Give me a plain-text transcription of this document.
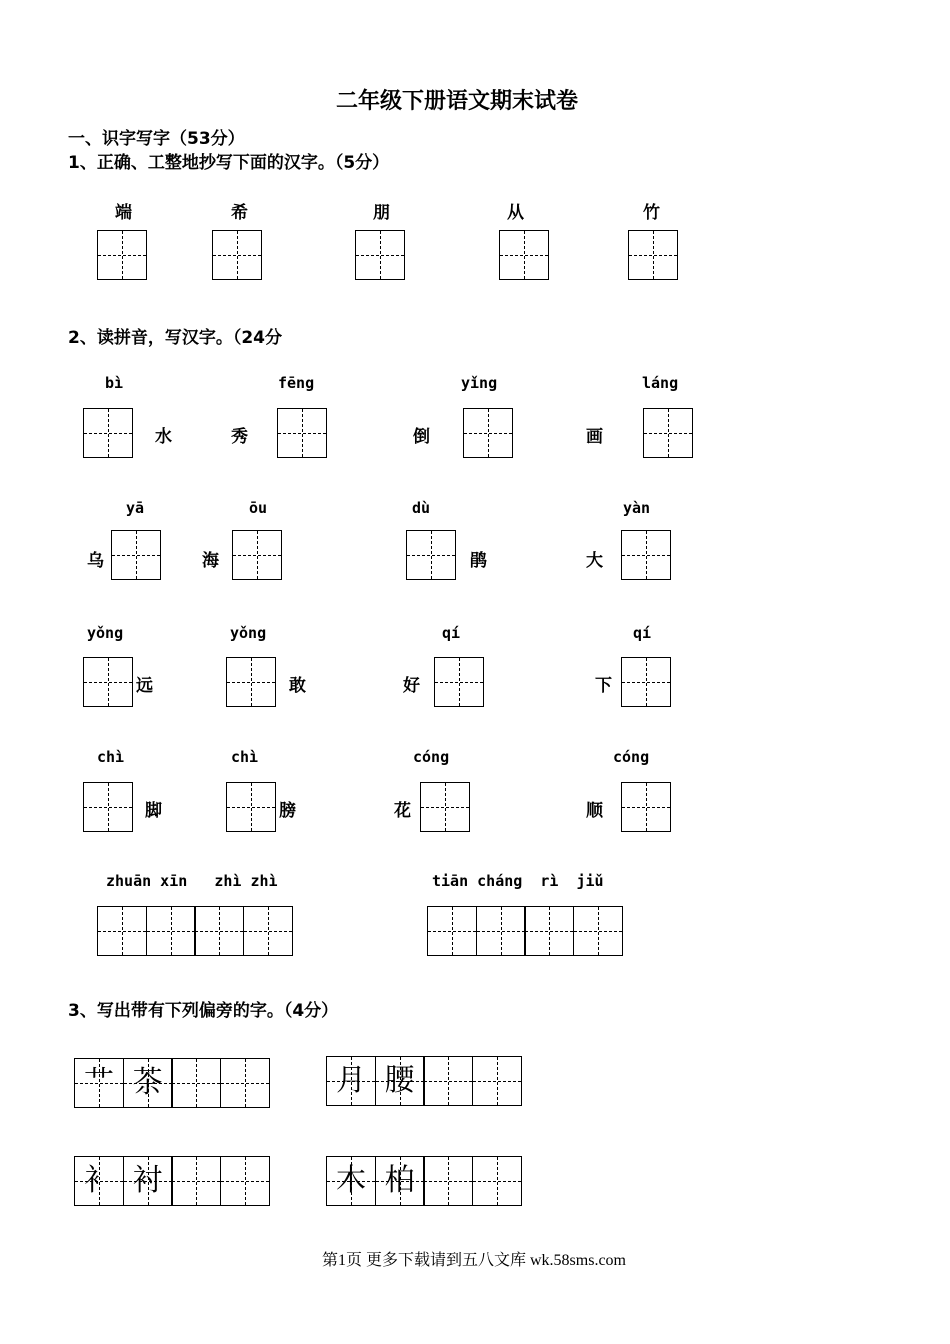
二年级下册语文期末试卷
一、识字写字（53分）
1、正确、工整地抄写下面的汉字。（5分）
端	希	朋	从	竹
2、读拼音，写汉字。（24分
bì	fēng	yǐng	láng
水	秀	倒	画
yā	ōu	dù	yàn
乌	海	鹃	大
yǒng	yǒng	qí	qí
远	敢	好	下
chì	chì	cóng	cóng
脚	膀	花	顺
zhuān xīn   zhì zhì	tiān cháng  rì  jiǔ
3、写出带有下列偏旁的字。（4分）
艹 茶	月 腰
衤 衬	木 柏
第1页 更多下载请到五八文库 wk.58sms.com
